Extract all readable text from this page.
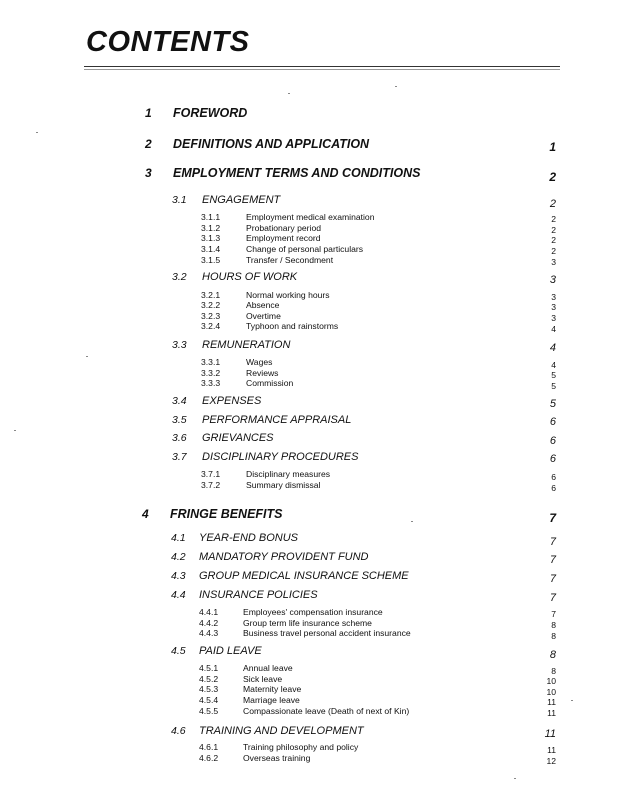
CONTENTS
1 FOREWORD
2 DEFINITIONS AND APPLICATION	1
3 EMPLOYMENT TERMS AND CONDITIONS	2
3.1 ENGAGEMENT	2
3.1.1	Employment medical examination	2
3.1.2	Probationary period	2
3.1.3	Employment record	2
3.1.4	Change of personal particulars	2
3.1.5	Transfer / Secondment	3
3.2 HOURS OF WORK	3
3.2.1	Normal working hours	3
3.2.2	Absence	3
3.2.3	Overtime	3
3.2.4	Typhoon and rainstorms	4
3.3 REMUNERATION	4
3.3.1	Wages	4
3.3.2	Reviews	5
3.3.3	Commission	5
3.4 EXPENSES	5
3.5 PERFORMANCE APPRAISAL	6
3.6 GRIEVANCES	6
3.7 DISCIPLINARY PROCEDURES	6
3.7.1	Disciplinary measures	6
3.7.2	Summary dismissal	6
4 FRINGE BENEFITS	7
4.1 YEAR-END BONUS	7
4.2 MANDATORY PROVIDENT FUND	7
4.3 GROUP MEDICAL INSURANCE SCHEME	7
4.4 INSURANCE POLICIES	7
4.4.1	Employees' compensation insurance	7
4.4.2	Group term life insurance scheme	8
4.4.3	Business travel personal accident insurance	8
4.5 PAID LEAVE	8
4.5.1	Annual leave	8
4.5.2	Sick leave	10
4.5.3	Maternity leave	10
4.5.4	Marriage leave	11
4.5.5	Compassionate leave (Death of next of Kin)	11
4.6 TRAINING AND DEVELOPMENT	11
4.6.1	Training philosophy and policy	11
4.6.2	Overseas training	12
